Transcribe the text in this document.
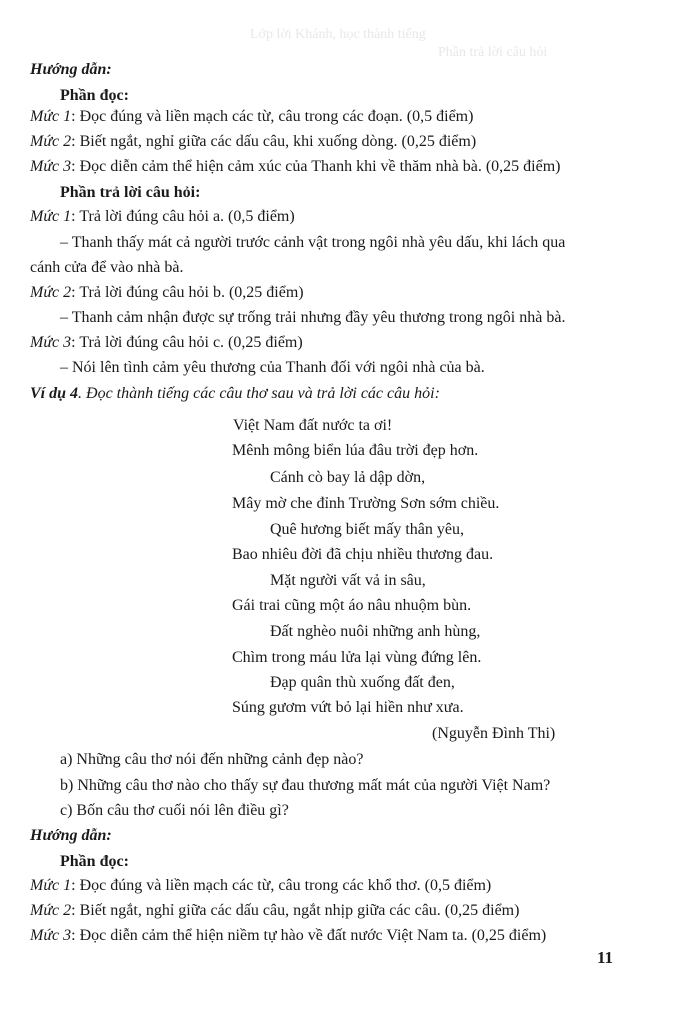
Phần trả lời câu hỏi
Lớp lời Khánh, học thành tiếng
Hướng dẫn:
Phần đọc:
Mức 1: Đọc đúng và liền mạch các từ, câu trong các đoạn. (0,5 điểm)
Mức 2: Biết ngắt, nghỉ giữa các dấu câu, khi xuống dòng. (0,25 điểm)
Mức 3: Đọc diễn cảm thể hiện cảm xúc của Thanh khi về thăm nhà bà. (0,25 điểm)
Phần trả lời câu hỏi:
Mức 1: Trả lời đúng câu hỏi a. (0,5 điểm)
– Thanh thấy mát cả người trước cảnh vật trong ngôi nhà yêu dấu, khi lách qua
cánh cửa để vào nhà bà.
Mức 2: Trả lời đúng câu hỏi b. (0,25 điểm)
– Thanh cảm nhận được sự trống trải nhưng đầy yêu thương trong ngôi nhà bà.
Mức 3: Trả lời đúng câu hỏi c. (0,25 điểm)
– Nói lên tình cảm yêu thương của Thanh đối với ngôi nhà của bà.
Ví dụ 4. Đọc thành tiếng các câu thơ sau và trả lời các câu hỏi:
Việt Nam đất nước ta ơi!
Mênh mông biển lúa đâu trời đẹp hơn.
Cánh cò bay lả dập dờn,
Mây mờ che đỉnh Trường Sơn sớm chiều.
Quê hương biết mấy thân yêu,
Bao nhiêu đời đã chịu nhiều thương đau.
Mặt người vất vả in sâu,
Gái trai cũng một áo nâu nhuộm bùn.
Đất nghèo nuôi những anh hùng,
Chìm trong máu lửa lại vùng đứng lên.
Đạp quân thù xuống đất đen,
Súng gươm vứt bỏ lại hiền như xưa.
(Nguyễn Đình Thi)
a) Những câu thơ nói đến những cảnh đẹp nào?
b) Những câu thơ nào cho thấy sự đau thương mất mát của người Việt Nam?
c) Bốn câu thơ cuối nói lên điều gì?
Hướng dẫn:
Phần đọc:
Mức 1: Đọc đúng và liền mạch các từ, câu trong các khổ thơ. (0,5 điểm)
Mức 2: Biết ngắt, nghỉ giữa các dấu câu, ngắt nhịp giữa các câu. (0,25 điểm)
Mức 3: Đọc diễn cảm thể hiện niềm tự hào về đất nước Việt Nam ta. (0,25 điểm)
11
